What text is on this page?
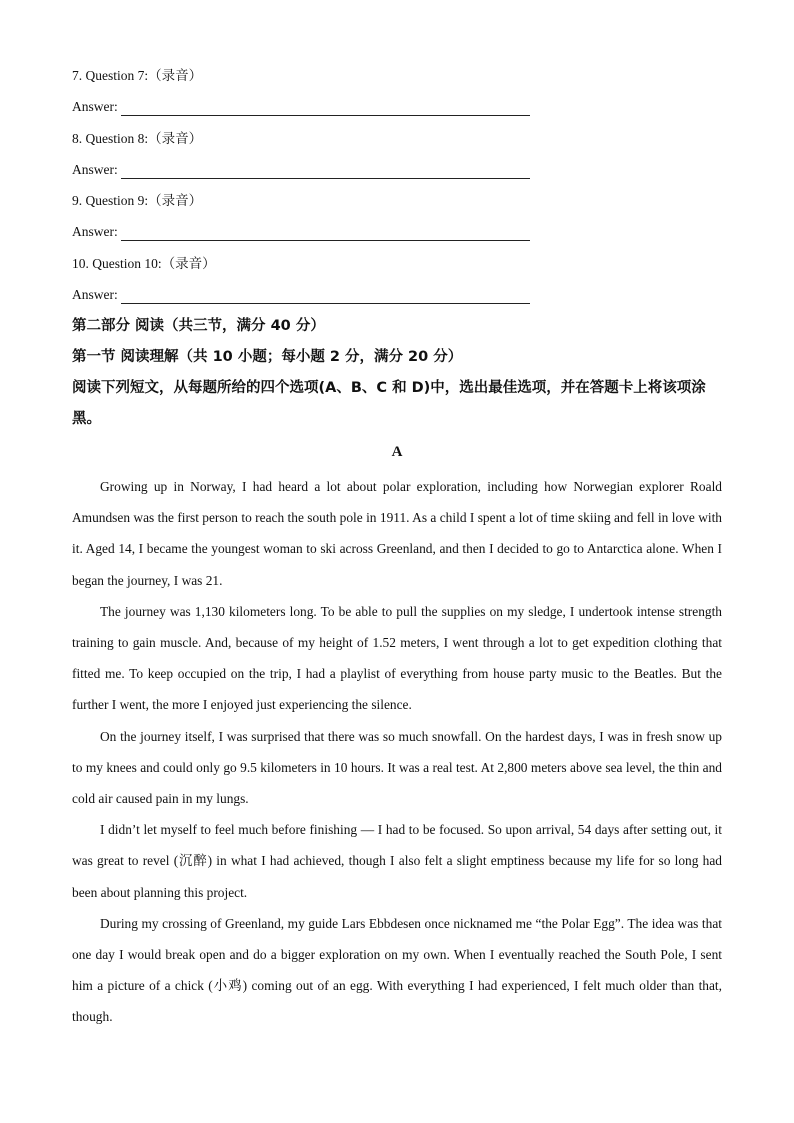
7. Question 7:（录音）
Answer:
8. Question 8:（录音）
Answer:
9. Question 9:（录音）
Answer:
10. Question 10:（录音）
Answer:
第二部分 阅读（共三节，满分 40 分）
第一节 阅读理解（共 10 小题；每小题 2 分，满分 20 分）
阅读下列短文，从每题所给的四个选项(A、B、C 和 D)中，选出最佳选项，并在答题卡上将该项涂黑。
A

Growing up in Norway, I had heard a lot about polar exploration, including how Norwegian explorer Roald Amundsen was the first person to reach the south pole in 1911. As a child I spent a lot of time skiing and fell in love with it. Aged 14, I became the youngest woman to ski across Greenland, and then I decided to go to Antarctica alone. When I began the journey, I was 21.

The journey was 1,130 kilometers long. To be able to pull the supplies on my sledge, I undertook intense strength training to gain muscle. And, because of my height of 1.52 meters, I went through a lot to get expedition clothing that fitted me. To keep occupied on the trip, I had a playlist of everything from house party music to the Beatles. But the further I went, the more I enjoyed just experiencing the silence.

On the journey itself, I was surprised that there was so much snowfall. On the hardest days, I was in fresh snow up to my knees and could only go 9.5 kilometers in 10 hours. It was a real test. At 2,800 meters above sea level, the thin and cold air caused pain in my lungs.

I didn’t let myself to feel much before finishing — I had to be focused. So upon arrival, 54 days after setting out, it was great to revel (沉醉) in what I had achieved, though I also felt a slight emptiness because my life for so long had been about planning this project.

During my crossing of Greenland, my guide Lars Ebbdesen once nicknamed me “the Polar Egg”. The idea was that one day I would break open and do a bigger exploration on my own. When I eventually reached the South Pole, I sent him a picture of a chick (小鸡) coming out of an egg. With everything I had experienced, I felt much older than that, though.
